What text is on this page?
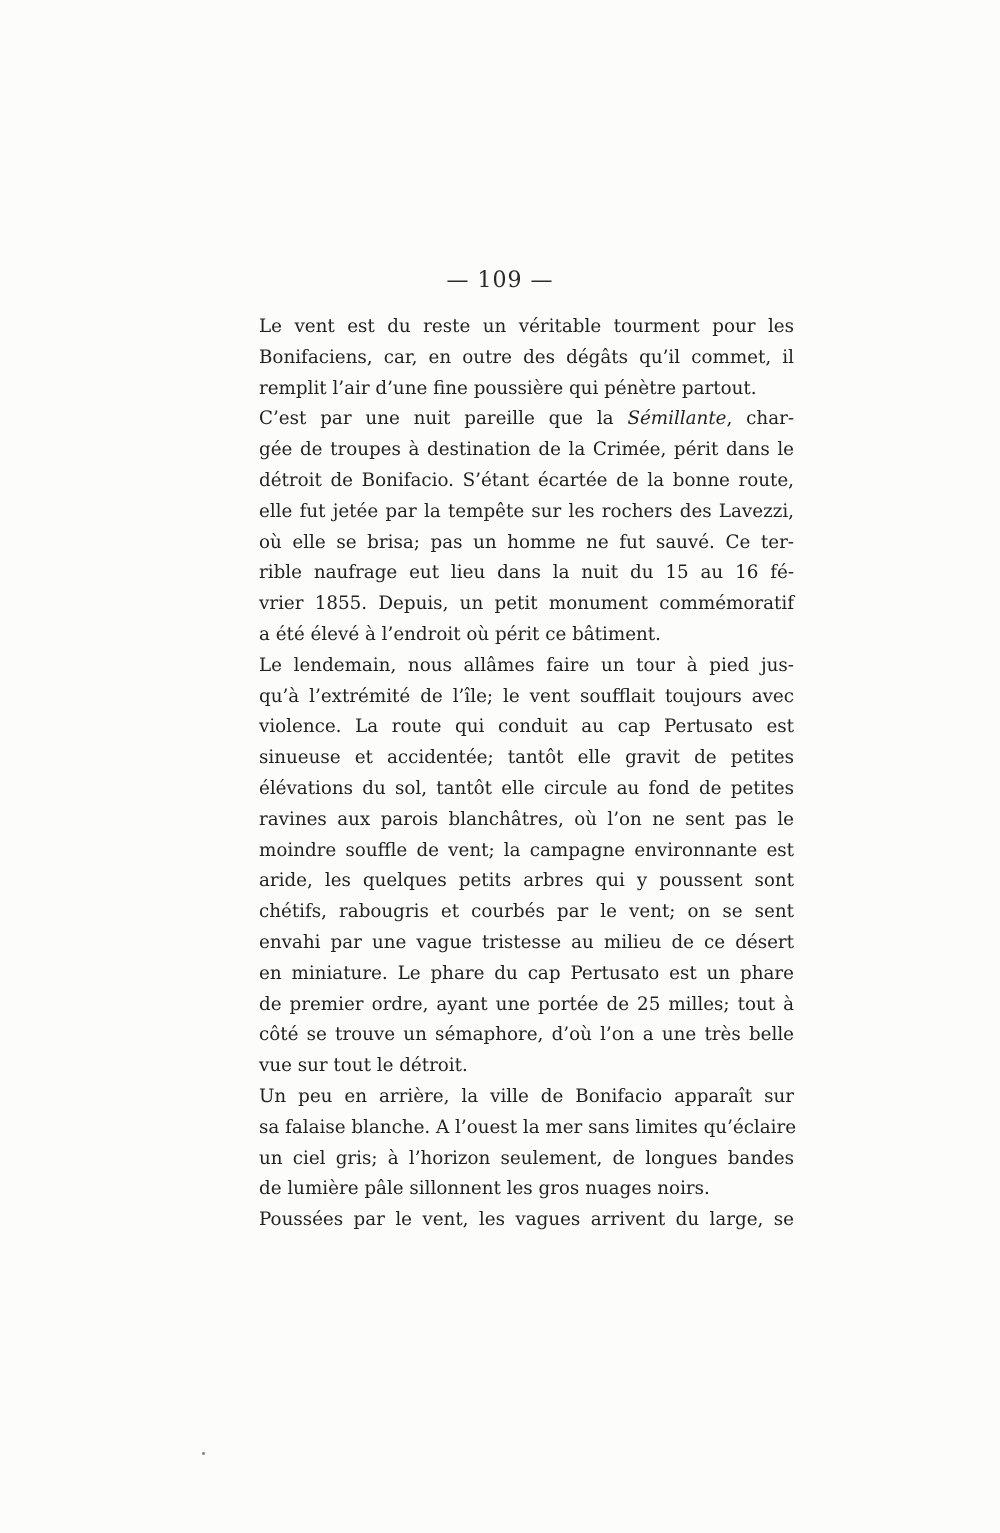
— 109 —
Le vent est du reste un véritable tourment pour les
Bonifaciens, car, en outre des dégâts qu’il commet, il
remplit l’air d’une fine poussière qui pénètre partout.
C’est par une nuit pareille que la Sémillante, char-
gée de troupes à destination de la Crimée, périt dans le
détroit de Bonifacio. S’étant écartée de la bonne route,
elle fut jetée par la tempête sur les rochers des Lavezzi,
où elle se brisa; pas un homme ne fut sauvé. Ce ter-
rible naufrage eut lieu dans la nuit du 15 au 16 fé-
vrier 1855. Depuis, un petit monument commémoratif
a été élevé à l’endroit où périt ce bâtiment.
Le lendemain, nous allâmes faire un tour à pied jus-
qu’à l’extrémité de l’île; le vent soufflait toujours avec
violence. La route qui conduit au cap Pertusato est
sinueuse et accidentée; tantôt elle gravit de petites
élévations du sol, tantôt elle circule au fond de petites
ravines aux parois blanchâtres, où l’on ne sent pas le
moindre souffle de vent; la campagne environnante est
aride, les quelques petits arbres qui y poussent sont
chétifs, rabougris et courbés par le vent; on se sent
envahi par une vague tristesse au milieu de ce désert
en miniature. Le phare du cap Pertusato est un phare
de premier ordre, ayant une portée de 25 milles; tout à
côté se trouve un sémaphore, d’où l’on a une très belle
vue sur tout le détroit.
Un peu en arrière, la ville de Bonifacio apparaît sur
sa falaise blanche. A l’ouest la mer sans limites qu’éclaire
un ciel gris; à l’horizon seulement, de longues bandes
de lumière pâle sillonnent les gros nuages noirs.
Poussées par le vent, les vagues arrivent du large, se
